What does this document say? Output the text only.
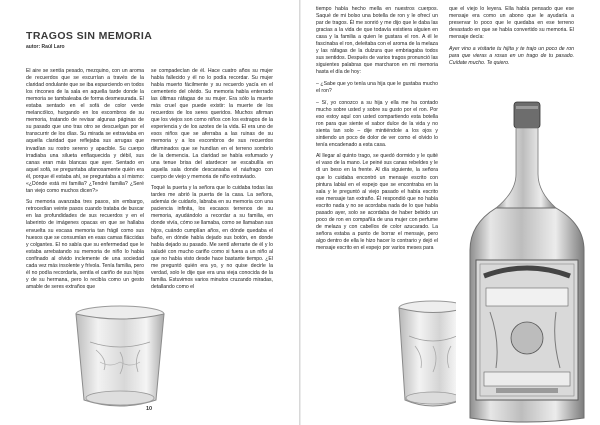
TRAGOS SIN MEMORIA
autor: Raúl Laro

El aire se sentía pesado, mezquino, con un aroma de recuerdos que se escurrían a través de la claridad ondulante que se iba esparciendo en todos los rincones de la sala en aquella tarde donde la memoria se tambaleaba de forma desmesurada. El estaba sentado en el sofá de color verde melancólico, hurgando en los escombros de su memoria, tratando de revisar algunas páginas de su pasado que uno tras otro se descuelgan por el transcurrir de los días. Su mirada se extraviaba en aquella claridad que reflejaba sus arrugas que invadían su rostro sereno y apacible. Su cuerpo irradiaba una silueta enflaquecida y débil, sus canas eran más blancas que ayer. Sentado en aquel sofá, se preguntaba afanosamente quién era él, porque él estaba ahí, se preguntaba a sí mismo: «¿Dónde está mi familia? ¿Tendré familia? ¿Seré tan viejo como muchos dicen?»

Su memoria avanzaba tres pasos, sin embargo, retrocedían veinte pasos cuando trataba de buscar en las profundidades de sus recuerdos y en el laberinto de imágenes opacas en que se hallaba envuelta su escasa memoria tan frágil como sus huesos que se consumían en esas camas fláccidas y colgantes. El no sabía que su enfermedad que le estaba arrebatando su memoria de niño lo había confinado al olvido inclemente de una sociedad cada vez más insolente y frívola. Tenía familia, pero él no podía recordarla, sentía el cariño de sus hijos y de su hermana, pero lo recibía como un gesto amable de seres extraños que

se compadecían de él. Hace cuatro años su mujer había fallecido y él no lo podía recordar. Su mujer había muerto fácilmente y su recuerdo yacía en el cementerio del olvido. Su memoria había enterrado las últimas ráfagas de su mujer. Era sólo la muerte más cruel que puede existir: la muerte de los recuerdos de los seres queridos. Muchos afirman que los viejos son como niños con los estragos de la experiencia y de los azotes de la vida. El era uno de esos niños que se aferraba a las ruinas de su memoria y a los escombros de sus recuerdos difuminados que se hundían en el terreno sombrío de la demencia. La claridad se había esfumado y una tenue brisa del atardecer se escabullía en aquella sala donde descansaba el náufrago con cuerpo de viejo y memoria de niño extraviado.

Toqué la puerta y la señora que lo cuidaba todas las tardes me abrió la puerta de la casa. La señora, además de cuidarlo, labraba en su memoria con una paciencia infinita, los escasos terrenos de su memoria, ayudándolo a recordar a su familia, en donde vivía, cómo se llamaba, como se llamaban sus hijos, cuándo cumplían años, en dónde quedaba el baño, en dónde había dejado sus botón, en donde había dejado su pasado. Me sentí aferrarte de él y lo saludé con mucho cariño como si fuera a un niño al que no había visto desde hace bastante tiempo. ¿El me preguntó quién era yo, y no quise decirle la verdad, solo le dije que era una vieja conocida de la familia. Estuvimos varios minutos cruzando miradas, detallando como el

10

tiempo había hecho mella en nuestros cuerpos. Saqué de mi bolso una botella de ron y le ofrecí un par de tragos. Él me sonrió y me dijo que le daba las gracias a la vida de que todavía existiera alguien en casa y la familia a quien le gustara el ron. A él le fascinaba el ron, deleitaba con el aroma de la melaza y las ráfagas de la dulzura que embriagaba todos sus sentidos. Después de varios tragos pronunció las siguientes palabras que marcharon en mi memoria hasta el día de hoy:

– ¿Sabe que yo tenía una hija que le gustaba mucho el ron?

– Sí, yo conozco a su hija y ella me ha contado mucho sobre usted y sobre su gusto por el ron. Por eso estoy aquí con usted compartiendo esta botella ron para que siente el sabor dulce de la vida y no sienta tan solo – dije mintiéndole a los ojos y sintiendo un poco de dolor de ver como el olvido lo tenía encadenado a esta casa.

Al llegar al quinto trago, se quedó dormido y le quité el vaso de la mano. Le peiné sus canas rebeldes y le di un beso en la frente. Al día siguiente, la señora que lo cuidaba encontró un mensaje escrito con pintura labial en el espejo que se encontraba en la sala y le preguntó al viejo pasado el había escrito ese mensaje tan extraño. Él respondió que no había escrito nada y no se acordaba nada de lo que había pasado ayer, solo se acordaba de haber bebido un poco de ron en compañía de una mujer con perfume de melaza y con cabellos de color azucarado. La señora estaba a punto de borrar el mensaje, pero algo dentro de ella le hizo hacer lo contrario y dejó el mensaje escrito en el espejo por varios meses para

que el viejo lo leyera. Ella había pensado que ese mensaje era como un abono que le ayudaría a preservar lo poco que le quedaba en ese terreno devastado en que se había convertido su memoria. El mensaje decía:

Ayer vino a visitarte tu hijita y te trajo un poco de ron para que vieras a rosas en un trago de tu pasado. Cuídate mucho. Te quiero.
